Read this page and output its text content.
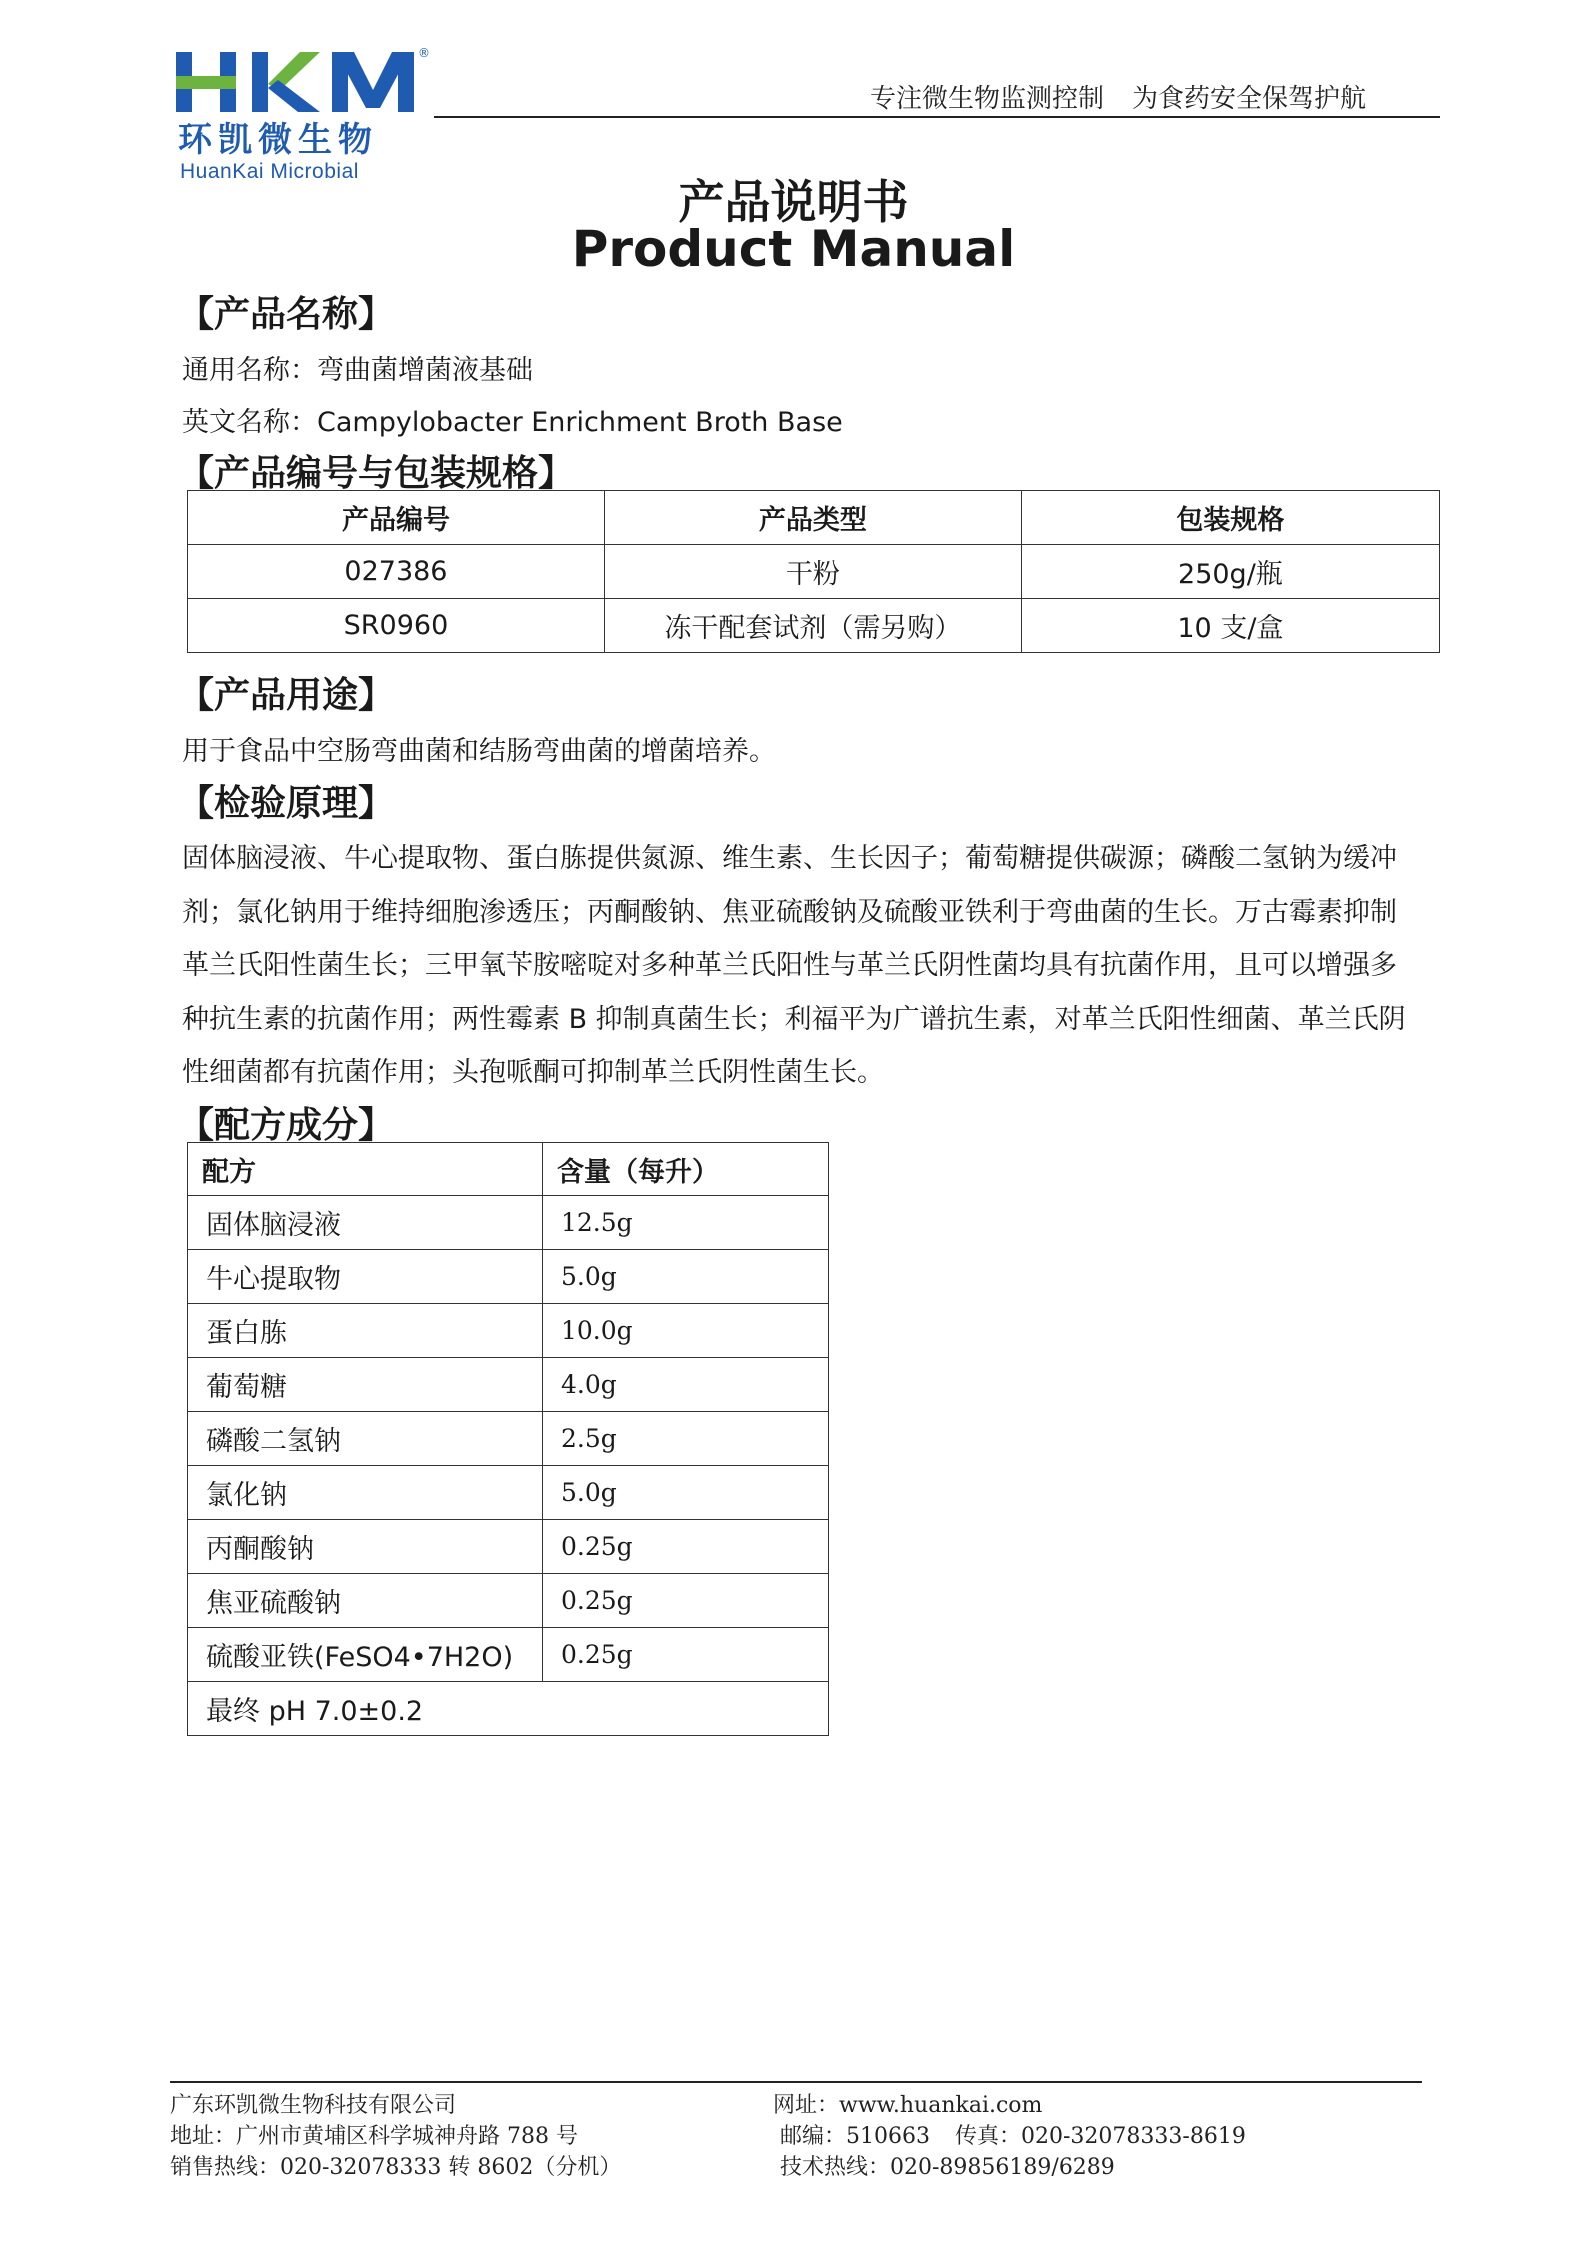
®
环凯微生物
HuanKai Microbial
专注微生物监测控制 为食药安全保驾护航
产品说明书
Product Manual
【产品名称】
通用名称：弯曲菌增菌液基础
英文名称：Campylobacter Enrichment Broth Base
【产品编号与包装规格】
产品编号	产品类型	包装规格
027386	干粉	250g/瓶
SR0960	冻干配套试剂（需另购）	10 支/盒
【产品用途】
用于食品中空肠弯曲菌和结肠弯曲菌的增菌培养。
【检验原理】
固体脑浸液、牛心提取物、蛋白胨提供氮源、维生素、生长因子；葡萄糖提供碳源；磷酸二氢钠为缓冲
剂；氯化钠用于维持细胞渗透压；丙酮酸钠、焦亚硫酸钠及硫酸亚铁利于弯曲菌的生长。万古霉素抑制
革兰氏阳性菌生长；三甲氧苄胺嘧啶对多种革兰氏阳性与革兰氏阴性菌均具有抗菌作用，且可以增强多
种抗生素的抗菌作用；两性霉素 B 抑制真菌生长；利福平为广谱抗生素，对革兰氏阳性细菌、革兰氏阴
性细菌都有抗菌作用；头孢哌酮可抑制革兰氏阴性菌生长。
【配方成分】
配方	含量（每升）
固体脑浸液	12.5g
牛心提取物	5.0g
蛋白胨	10.0g
葡萄糖	4.0g
磷酸二氢钠	2.5g
氯化钠	5.0g
丙酮酸钠	0.25g
焦亚硫酸钠	0.25g
硫酸亚铁(FeSO4•7H2O)	0.25g
最终 pH 7.0±0.2	
广东环凯微生物科技有限公司
地址：广州市黄埔区科学城神舟路 788 号
销售热线：020-32078333 转 8602（分机）
网址：www.huankai.com
邮编：510663 传真：020-32078333-8619
技术热线：020-89856189/6289
